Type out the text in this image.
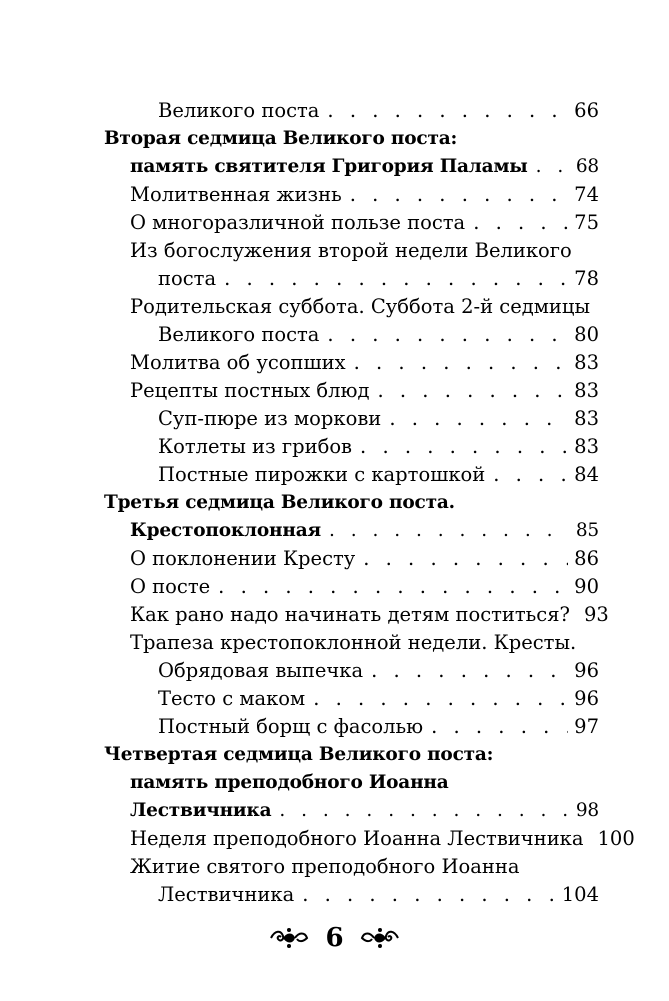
Великого поста . . .	66
Вторая седмица Великого поста:
память святителя Григория Паламы . . .	68
Молитвенная жизнь . . .	74
О многоразличной пользе поста . . .	75
Из богослужения второй недели Великого
поста . . .	78
Родительская суббота. Суббота 2-й седмицы
Великого поста . . .	80
Молитва об усопших . . .	83
Рецепты постных блюд . . .	83
Суп-пюре из моркови . . .	83
Котлеты из грибов . . .	83
Постные пирожки с картошкой . . .	84
Третья седмица Великого поста.
Крестопоклонная . . .	85
О поклонении Кресту . . .	86
О посте . . .	90
Как рано надо начинать детям поститься? 93
Трапеза крестопоклонной недели. Кресты.
Обрядовая выпечка . . .	96
Тесто с маком . . .	96
Постный борщ с фасолью . . .	97
Четвертая седмица Великого поста:
память преподобного Иоанна
Лествичника . . .	98
Неделя преподобного Иоанна Лествичника 100
Житие святого преподобного Иоанна
Лествичника . . .	104
6
